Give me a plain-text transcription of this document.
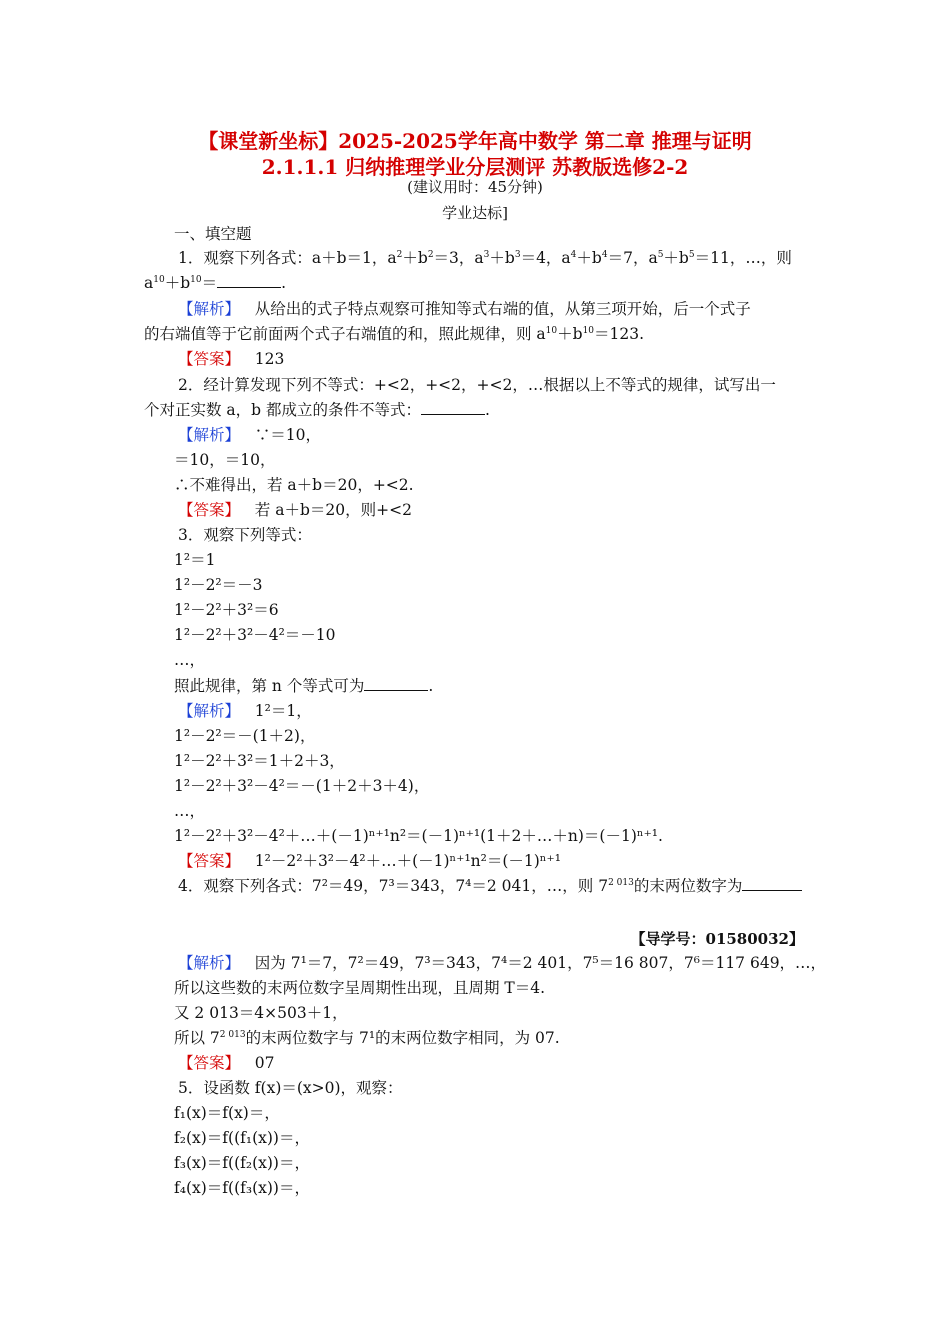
【课堂新坐标】2025-2025学年高中数学 第二章 推理与证明
2.1.1.1 归纳推理学业分层测评 苏教版选修2-2
(建议用时：45分钟)
学业达标]
一、填空题
1．观察下列各式：a＋b＝1，$a^2+b^2=3$，$a^3+b^3=4$，$a^4+b^4=7$，$a^5+b^5=11$，…，则
$a^{10}+b^{10}=$	.
【解析】 从给出的式子特点观察可推知等式右端的值，从第三项开始，后一个式子
的右端值等于它前面两个式子右端值的和，照此规律，则 $a^{10}+b^{10}=123$.
【答案】 123
2．经计算发现下列不等式：+<2，+<2，+<2，…根据以上不等式的规律，试写出一
个对正实数 a，b 都成立的条件不等式：	.
【解析】 ∵＝10，
＝10，＝10，
∴不难得出，若 a＋b＝20，+<2.
【答案】 若 a＋b＝20，则+<2
3．观察下列等式：
1²＝1
1²－2²＝－3
1²－2²＋3²＝6
1²－2²＋3²－4²＝－10
…，
照此规律，第 n 个等式可为	.
【解析】 1²＝1，
1²－2²＝－(1＋2)，
1²－2²＋3²＝1＋2＋3，
1²－2²＋3²－4²＝－(1＋2＋3＋4)，
…，
1²－2²＋3²－4²＋…＋(－1)ⁿ⁺¹n²＝(－1)ⁿ⁺¹(1＋2＋…＋n)＝(－1)ⁿ⁺¹.
【答案】 1²－2²＋3²－4²＋…＋(－1)ⁿ⁺¹n²＝(－1)ⁿ⁺¹
4．观察下列各式：7²＝49，7³＝343，7⁴＝2 041，…，则 $7^{2 013}$的末两位数字为
【导学号：01580032】
【解析】 因为 7¹＝7，7²＝49，7³＝343，7⁴＝2 401，7⁵＝16 807，7⁶＝117 649，…，
所以这些数的末两位数字呈周期性出现，且周期 T＝4.
又 2 013＝4×503＋1，
所以 $7^{2 013}$的末两位数字与 7¹的末两位数字相同，为 07.
【答案】 07
5．设函数 f(x)＝(x>0)，观察：
f₁(x)＝f(x)＝，
f₂(x)＝f((f₁(x))＝，
f₃(x)＝f((f₂(x))＝，
f₄(x)＝f((f₃(x))＝，
